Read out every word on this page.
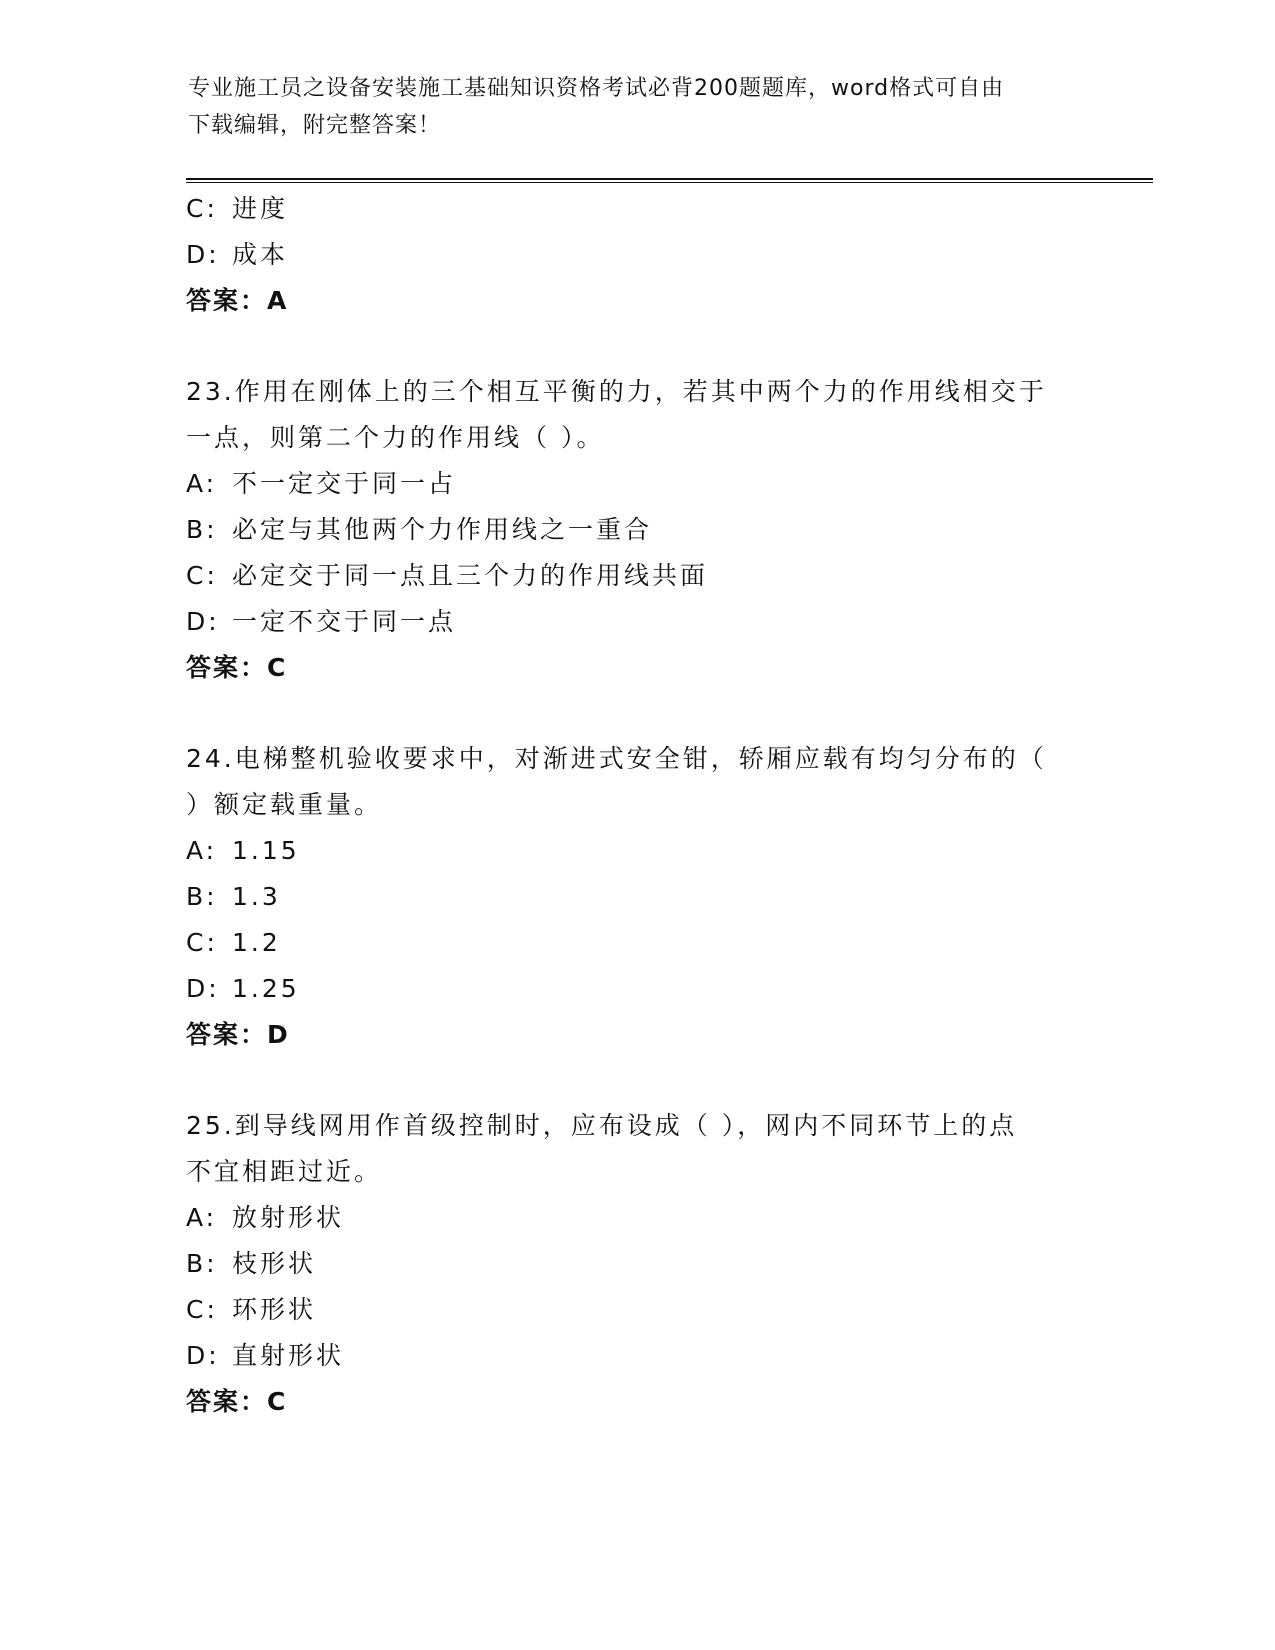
专业施工员之设备安装施工基础知识资格考试必背200题题库，word格式可自由
下载编辑，附完整答案！
C: 进度
D: 成本
答案：A
23.作用在刚体上的三个相互平衡的力，若其中两个力的作用线相交于
一点，则第二个力的作用线（ ）。
A: 不一定交于同一占
B: 必定与其他两个力作用线之一重合
C: 必定交于同一点且三个力的作用线共面
D: 一定不交于同一点
答案：C
24.电梯整机验收要求中，对渐进式安全钳，轿厢应载有均匀分布的（
）额定载重量。
A: 1.15
B: 1.3
C: 1.2
D: 1.25
答案：D
25.到导线网用作首级控制时，应布设成（ ），网内不同环节上的点
不宜相距过近。
A: 放射形状
B: 枝形状
C: 环形状
D: 直射形状
答案：C
